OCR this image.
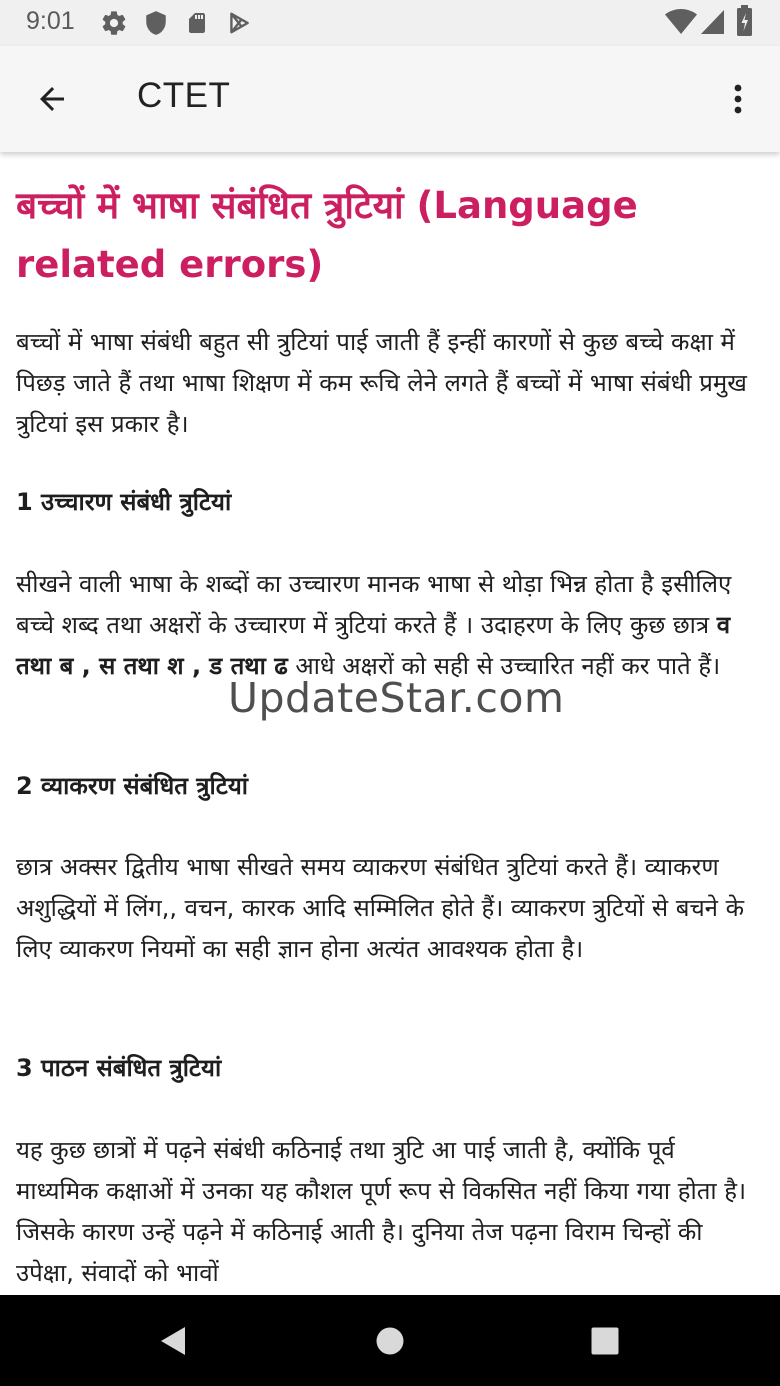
9:01
CTET
बच्चों में भाषा संबंधित त्रुटियां (Language related errors)

बच्चों में भाषा संबंधी बहुत सी त्रुटियां पाई जाती हैं इन्हीं कारणों से कुछ बच्चे कक्षा में पिछड़ जाते हैं तथा भाषा शिक्षण में कम रूचि लेने लगते हैं बच्चों में भाषा संबंधी प्रमुख त्रुटियां इस प्रकार है।

1 उच्चारण संबंधी त्रुटियां

सीखने वाली भाषा के शब्दों का उच्चारण मानक भाषा से थोड़ा भिन्न होता है इसीलिए बच्चे शब्द तथा अक्षरों के उच्चारण में त्रुटियां करते हैं । उदाहरण के लिए कुछ छात्र व तथा ब , स तथा श , ड तथा ढ आधे अक्षरों को सही से उच्चारित नहीं कर पाते हैं।

2 व्याकरण संबंधित त्रुटियां

छात्र अक्सर द्वितीय भाषा सीखते समय व्याकरण संबंधित त्रुटियां करते हैं। व्याकरण अशुद्धियों में लिंग,, वचन, कारक आदि सम्मिलित होते हैं। व्याकरण त्रुटियों से बचने के लिए व्याकरण नियमों का सही ज्ञान होना अत्यंत आवश्यक होता है।

3 पाठन संबंधित त्रुटियां

यह कुछ छात्रों में पढ़ने संबंधी कठिनाई तथा त्रुटि आ पाई जाती है, क्योंकि पूर्व माध्यमिक कक्षाओं में उनका यह कौशल पूर्ण रूप से विकसित नहीं किया गया होता है। जिसके कारण उन्हें पढ़ने में कठिनाई आती है। दुनिया तेज पढ़ना विराम चिन्हों की उपेक्षा, संवादों को भावों

UpdateStar.com
